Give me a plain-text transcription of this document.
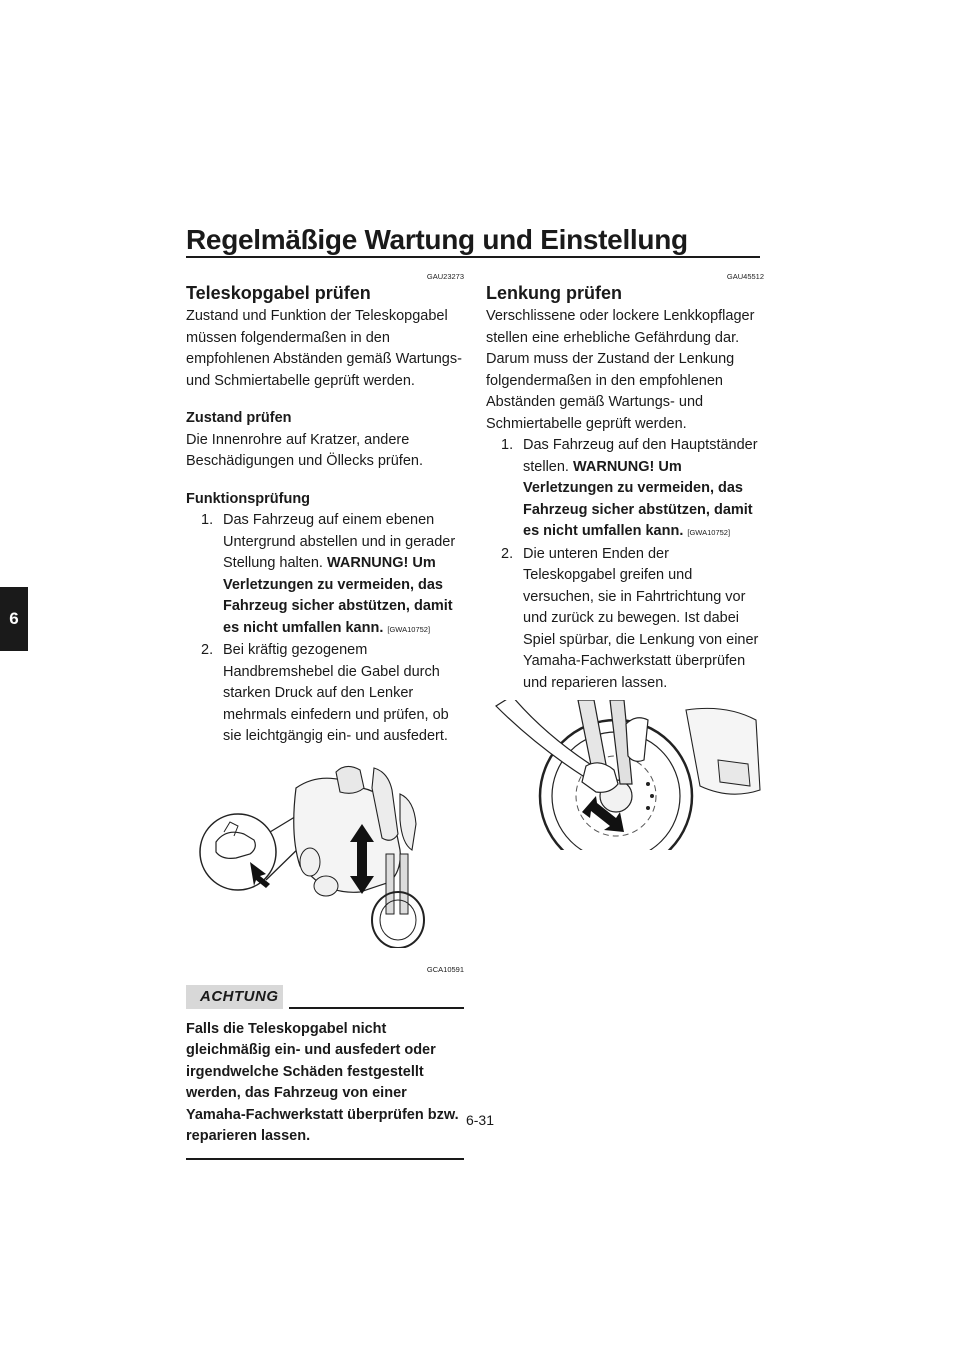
Regelmäßige Wartung und Einstellung
6
GAU23273
Teleskopgabel prüfen

Zustand und Funktion der Teleskopgabel müssen folgendermaßen in den empfohlenen Abständen gemäß Wartungs- und Schmiertabelle geprüft werden.

Zustand prüfen

Die Innenrohre auf Kratzer, andere Beschädigungen und Öllecks prüfen.

Funktionsprüfung

1. Das Fahrzeug auf einem ebenen Untergrund abstellen und in gerader Stellung halten. WARNUNG! Um Verletzungen zu vermeiden, das Fahrzeug sicher abstützen, damit es nicht umfallen kann. [GWA10752]
2. Bei kräftig gezogenem Handbremshebel die Gabel durch starken Druck auf den Lenker mehrmals einfedern und prüfen, ob sie leichtgängig ein- und ausfedert.
GCA10591
ACHTUNG

Falls die Teleskopgabel nicht gleichmäßig ein- und ausfedert oder irgendwelche Schäden festgestellt werden, das Fahrzeug von einer Yamaha-Fachwerkstatt überprüfen bzw. reparieren lassen.

GAU45512
Lenkung prüfen

Verschlissene oder lockere Lenkkopflager stellen eine erhebliche Gefährdung dar. Darum muss der Zustand der Lenkung folgendermaßen in den empfohlenen Abständen gemäß Wartungs- und Schmiertabelle geprüft werden.

1. Das Fahrzeug auf den Hauptständer stellen. WARNUNG! Um Verletzungen zu vermeiden, das Fahrzeug sicher abstützen, damit es nicht umfallen kann. [GWA10752]
2. Die unteren Enden der Teleskopgabel greifen und versuchen, sie in Fahrtrichtung vor und zurück zu bewegen. Ist dabei Spiel spürbar, die Lenkung von einer Yamaha-Fachwerkstatt überprüfen und reparieren lassen.
6-31
